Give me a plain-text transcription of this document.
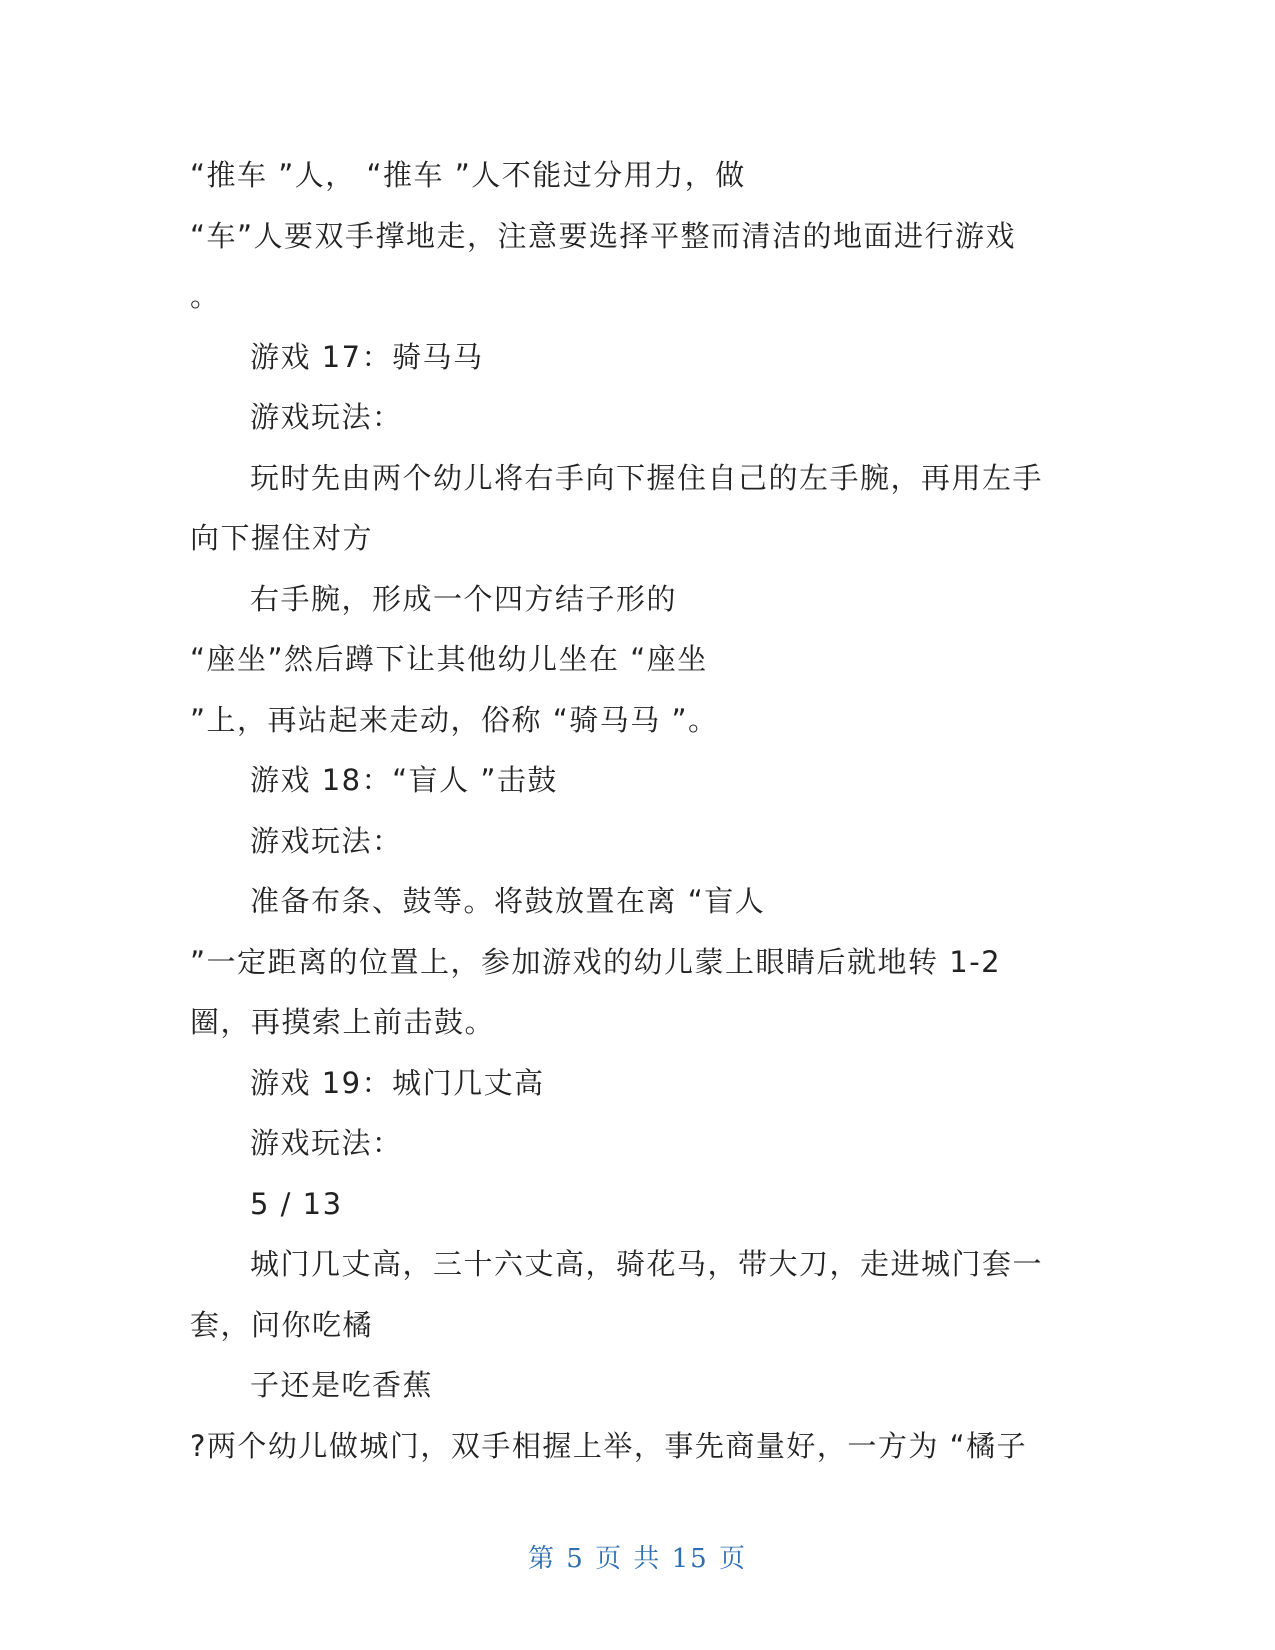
“推车 ”人， “推车 ”人不能过分用力，做
“车”人要双手撑地走，注意要选择平整而清洁的地面进行游戏
。
游戏 17：骑马马
游戏玩法：
玩时先由两个幼儿将右手向下握住自己的左手腕，再用左手
向下握住对方
右手腕，形成一个四方结子形的
“座坐”然后蹲下让其他幼儿坐在 “座坐
”上，再站起来走动，俗称 “骑马马 ”。
游戏 18：“盲人 ”击鼓
游戏玩法：
准备布条、鼓等。将鼓放置在离 “盲人
”一定距离的位置上，参加游戏的幼儿蒙上眼睛后就地转 1-2
圈，再摸索上前击鼓。
游戏 19：城门几丈高
游戏玩法：
5 / 13
城门几丈高，三十六丈高，骑花马，带大刀，走进城门套一
套，问你吃橘
子还是吃香蕉
?两个幼儿做城门，双手相握上举，事先商量好，一方为 “橘子
第 5 页 共 15 页
